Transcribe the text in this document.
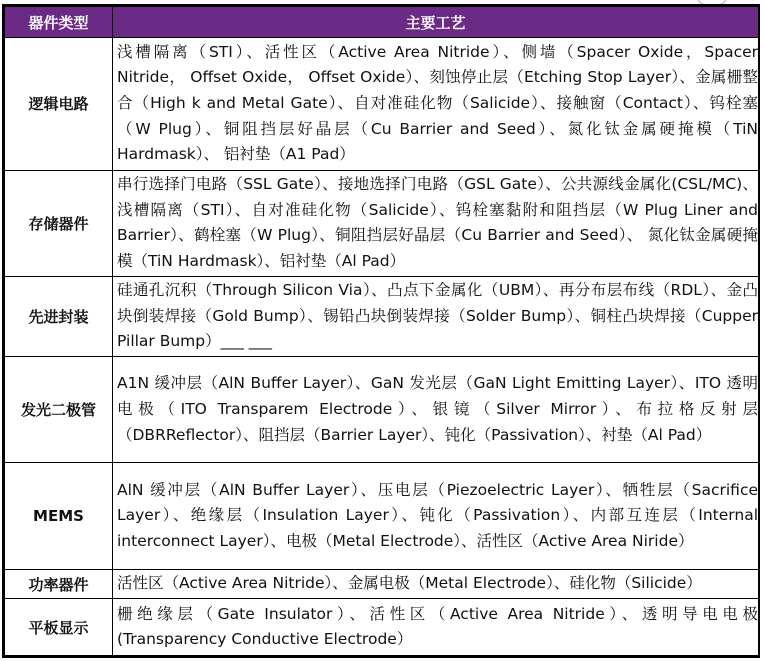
器件类型	主要工艺
逻辑电路	浅槽隔离（STI）、活性区（Active Area Nitride）、侧墙（Spacer Oxide，Spacer Nitride， Offset Oxide， Offset Oxide）、刻蚀停止层（Etching Stop Layer）、金属栅整合（High k and Metal Gate）、自对准硅化物（Salicide）、接触窗（Contact）、钨栓塞（W Plug）、铜阻挡层好晶层（Cu Barrier and Seed）、氮化钛金属硬掩模（TiN Hardmask）、 铝衬垫（A1 Pad）
存储器件	串行选择门电路（SSL Gate）、接地选择门电路（GSL Gate）、公共源线金属化(CSL/MC)、浅槽隔离（STI）、自对准硅化物（Salicide）、钨栓塞黏附和阻挡层（W Plug Liner and Barrier）、鹤栓塞（W Plug）、铜阻挡层好晶层（Cu Barrier and Seed）、 氮化钛金属硬掩模（TiN Hardmask）、铝衬垫（Al Pad）
先进封装	硅通孔沉积（Through Silicon Via）、凸点下金属化（UBM）、再分布层布线（RDL）、金凸块倒装焊接（Gold Bump）、锡铅凸块倒装焊接（Solder Bump）、铜柱凸块焊接（Cupper Pillar Bump）___ ___
发光二极管	A1N 缓冲层（AlN Buffer Layer）、GaN 发光层（GaN Light Emitting Layer）、ITO 透明电极（ITO Transparem Electrode）、银镜（Silver Mirror）、布拉格反射层（DBRReflector）、阻挡层（Barrier Layer）、钝化（Passivation）、衬垫（Al Pad）
MEMS	AlN 缓冲层（AlN Buffer Layer）、压电层（Piezoelectric Layer）、牺牲层（Sacrifice Layer）、绝缘层（Insulation Layer）、钝化（Passivation）、内部互连层（Internal interconnect Layer）、电极（Metal Electrode）、活性区（Active Area Niride）
功率器件	活性区（Active Area Nitride）、金属电极（Metal Electrode）、硅化物（Silicide）
平板显示	栅绝缘层（Gate Insulator）、活性区（Active Area Nitride）、透明导电电极(Transparency Conductive Electrode）
